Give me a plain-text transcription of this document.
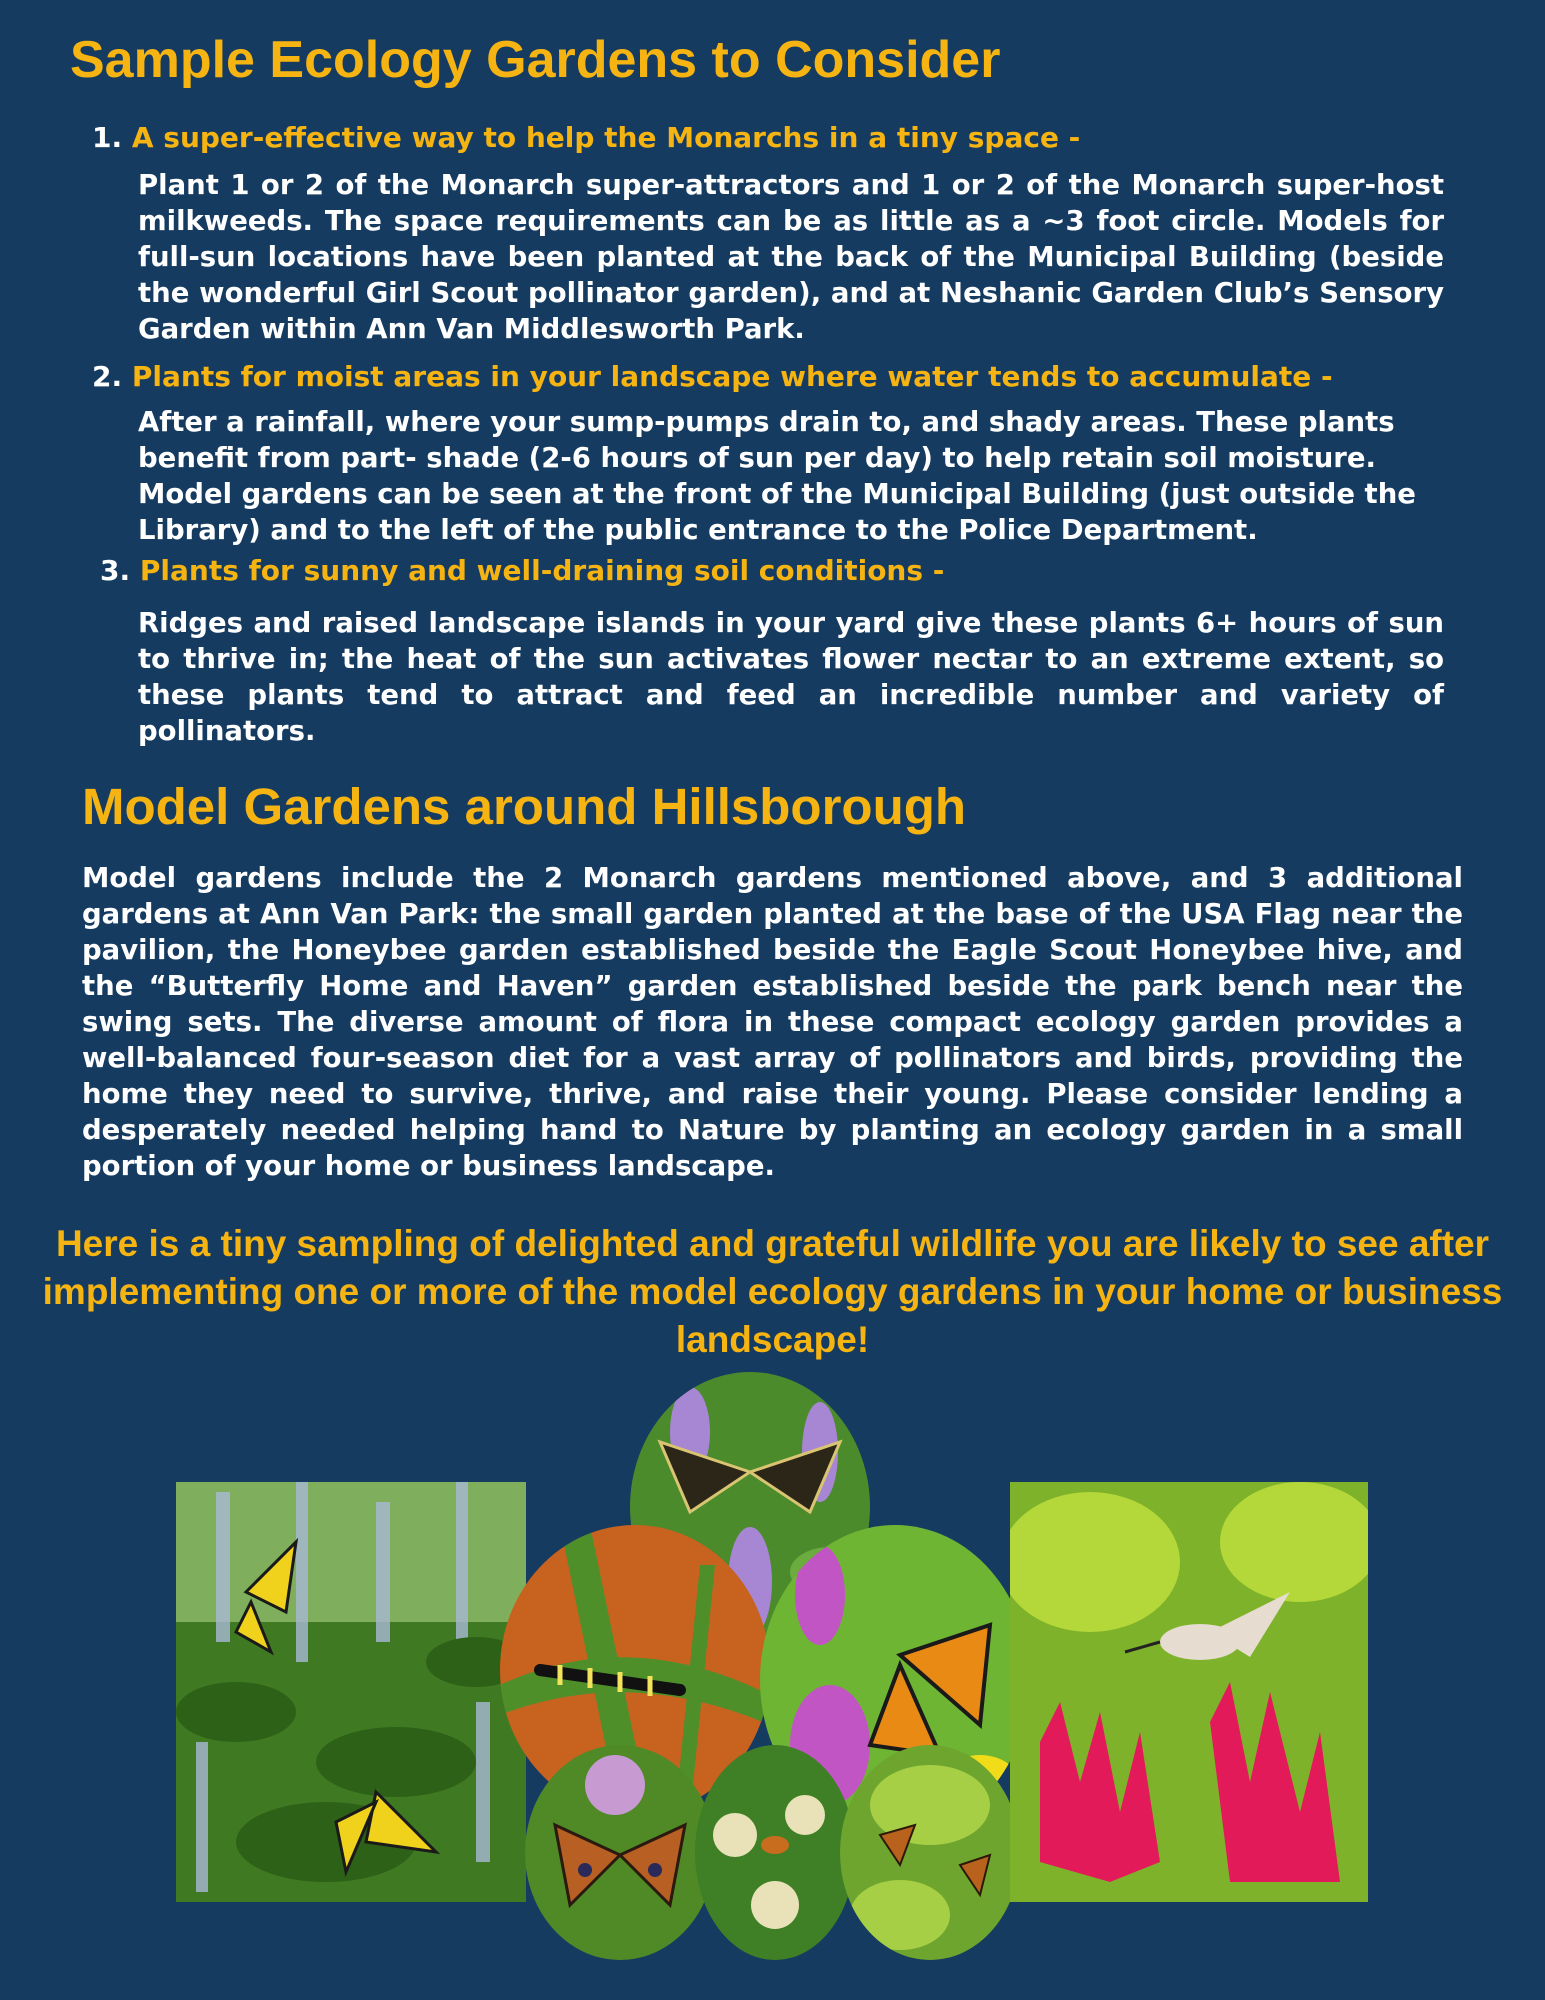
Sample Ecology Gardens to Consider
1. A super-effective way to help the Monarchs in a tiny space -

Plant 1 or 2 of the Monarch super-attractors and 1 or 2 of the Monarch super-host milkweeds. The space requirements can be as little as a ~3 foot circle. Models for full-sun locations have been planted at the back of the Municipal Building (beside the wonderful Girl Scout pollinator garden), and at Neshanic Garden Club’s Sensory Garden within Ann Van Middlesworth Park.

2. Plants for moist areas in your landscape where water tends to accumulate -

After a rainfall, where your sump-pumps drain to, and shady areas. These plants benefit from part- shade (2-6 hours of sun per day) to help retain soil moisture. Model gardens can be seen at the front of the Municipal Building (just outside the Library) and to the left of the public entrance to the Police Department.

3. Plants for sunny and well-draining soil conditions -

Ridges and raised landscape islands in your yard give these plants 6+ hours of sun to thrive in; the heat of the sun activates flower nectar to an extreme extent, so these plants tend to attract and feed an incredible number and variety of pollinators.

Model Gardens around Hillsborough

Model gardens include the 2 Monarch gardens mentioned above, and 3 additional gardens at Ann Van Park: the small garden planted at the base of the USA Flag near the pavilion, the Honeybee garden established beside the Eagle Scout Honeybee hive, and the “Butterfly Home and Haven” garden established beside the park bench near the swing sets. The diverse amount of flora in these compact ecology garden provides a well-balanced four-season diet for a vast array of pollinators and birds, providing the home they need to survive, thrive, and raise their young. Please consider lending a desperately needed helping hand to Nature by planting an ecology garden in a small portion of your home or business landscape.

Here is a tiny sampling of delighted and grateful wildlife you are likely to see after implementing one or more of the model ecology gardens in your home or business landscape!
